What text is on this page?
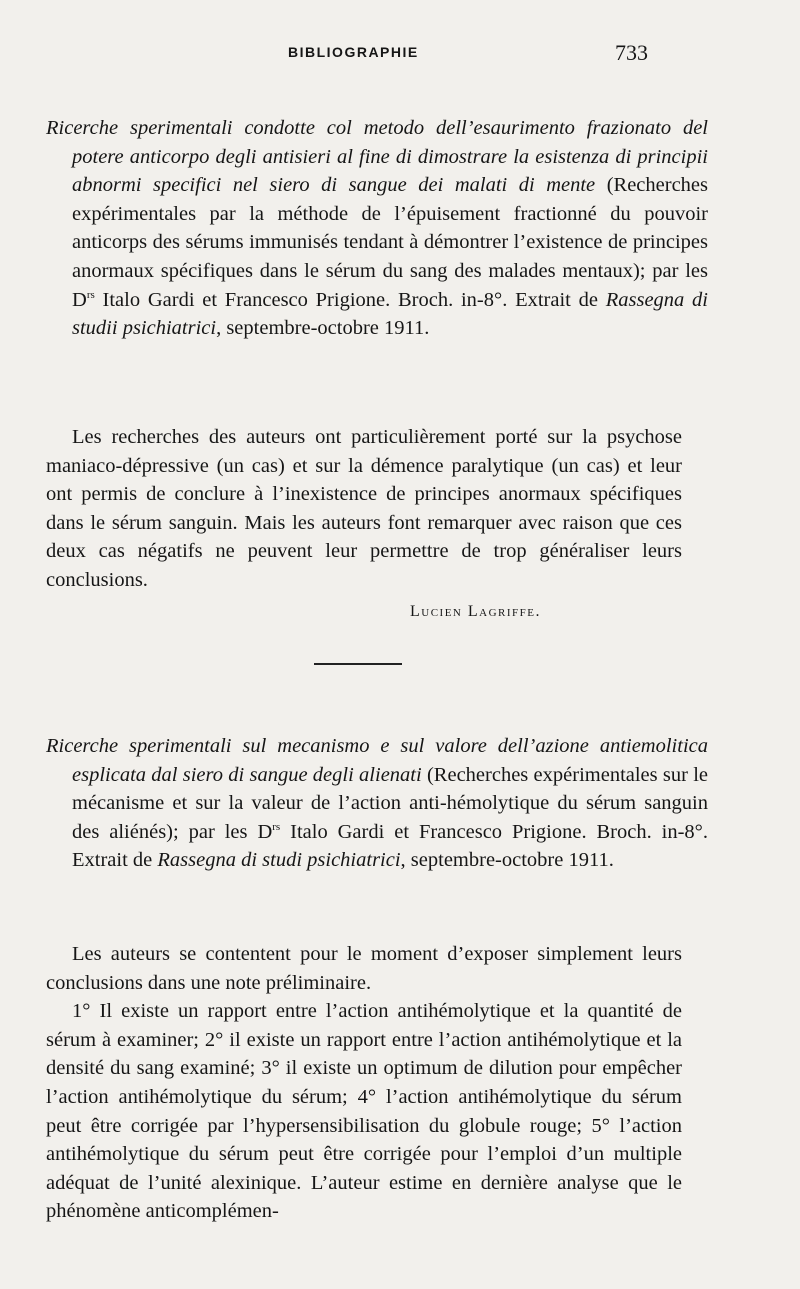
BIBLIOGRAPHIE	733
Ricerche sperimentali condotte col metodo dell’esaurimento frazionato del potere anticorpo degli antisieri al fine di dimostrare la esistenza di principii abnormi specifici nel siero di sangue dei malati di mente (Recherches expérimentales par la méthode de l’épuisement fractionné du pouvoir anticorps des sérums immunisés tendant à démontrer l’existence de principes anormaux spécifiques dans le sérum du sang des malades mentaux); par les $D^{rs}$ Italo Gardi et Francesco Prigione. Broch. in-8°. Extrait de Rassegna di studii psichiatrici, septembre-octobre 1911.

Les recherches des auteurs ont particulièrement porté sur la psychose maniaco-dépressive (un cas) et sur la démence paralytique (un cas) et leur ont permis de conclure à l’inexistence de principes anormaux spécifiques dans le sérum sanguin. Mais les auteurs font remarquer avec raison que ces deux cas négatifs ne peuvent leur permettre de trop généraliser leurs conclusions.

Lucien Lagriffe.
Ricerche sperimentali sul mecanismo e sul valore dell’azione antiemolitica esplicata dal siero di sangue degli alienati (Recherches expérimentales sur le mécanisme et sur la valeur de l’action anti-hémolytique du sérum sanguin des aliénés); par les $D^{rs}$ Italo Gardi et Francesco Prigione. Broch. in-8°. Extrait de Rassegna di studi psichiatrici, septembre-octobre 1911.

Les auteurs se contentent pour le moment d’exposer simplement leurs conclusions dans une note préliminaire.

1° Il existe un rapport entre l’action antihémolytique et la quantité de sérum à examiner; 2° il existe un rapport entre l’action antihémolytique et la densité du sang examiné; 3° il existe un optimum de dilution pour empêcher l’action antihémolytique du sérum; 4° l’action antihémolytique du sérum peut être corrigée par l’hypersensibilisation du globule rouge; 5° l’action antihémolytique du sérum peut être corrigée pour l’emploi d’un multiple adéquat de l’unité alexinique. L’auteur estime en dernière analyse que le phénomène anticomplémen-
